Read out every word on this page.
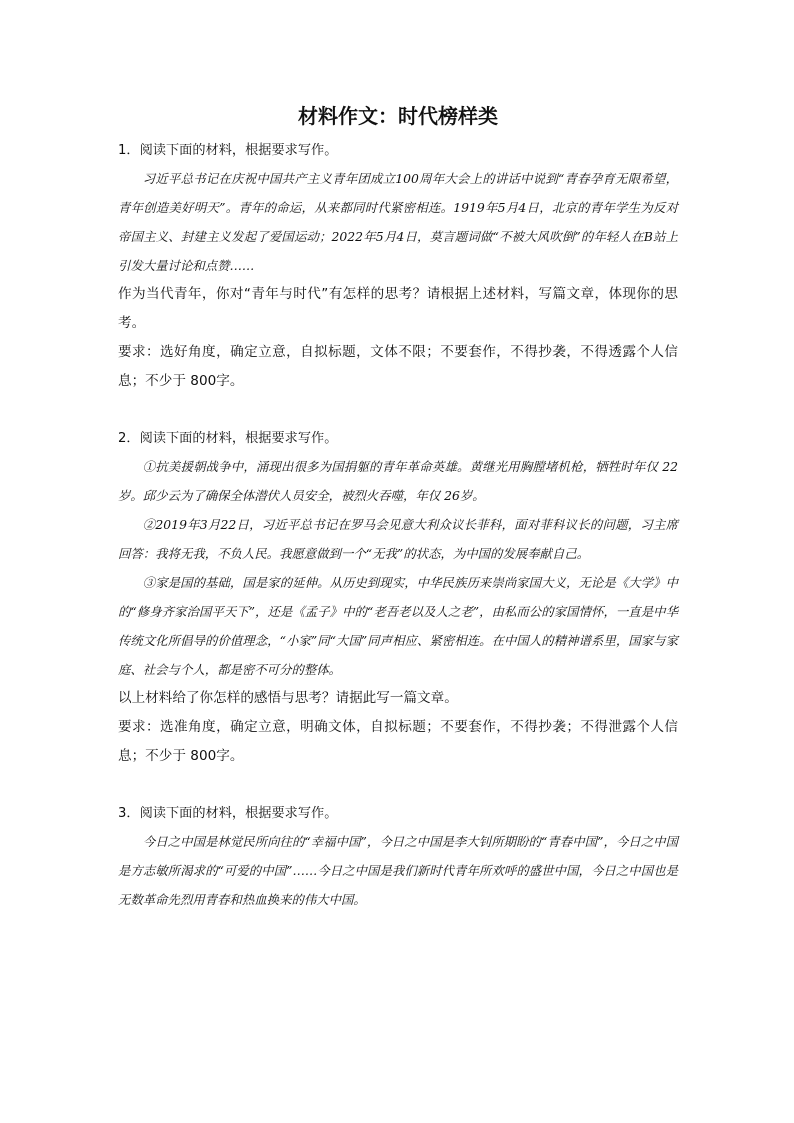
材料作文：时代榜样类

1．阅读下面的材料，根据要求写作。

习近平总书记在庆祝中国共产主义青年团成立100周年大会上的讲话中说到“青春孕育无限希望，青年创造美好明天”。青年的命运，从来都同时代紧密相连。1919年5月4日，北京的青年学生为反对帝国主义、封建主义发起了爱国运动；2022年5月4日，莫言题词做“不被大风吹倒”的年轻人在B站上引发大量讨论和点赞……

作为当代青年，你对“青年与时代”有怎样的思考？请根据上述材料，写篇文章，体现你的思考。

要求：选好角度，确定立意，自拟标题，文体不限；不要套作，不得抄袭，不得透露个人信息；不少于 800字。

2．阅读下面的材料，根据要求写作。

①抗美援朝战争中，涌现出很多为国捐躯的青年革命英雄。黄继光用胸膛堵机枪，牺牲时年仅 22岁。邱少云为了确保全体潜伏人员安全，被烈火吞噬，年仅 26岁。

②2019年3月22日，习近平总书记在罗马会见意大利众议长菲科，面对菲科议长的问题，习主席回答：我将无我，不负人民。我愿意做到一个“无我”的状态，为中国的发展奉献自己。

③家是国的基础，国是家的延伸。从历史到现实，中华民族历来崇尚家国大义，无论是《大学》中的“修身齐家治国平天下”，还是《孟子》中的“老吾老以及人之老”，由私而公的家国情怀，一直是中华传统文化所倡导的价值理念，“小家”同“大国”同声相应、紧密相连。在中国人的精神谱系里，国家与家庭、社会与个人，都是密不可分的整体。

以上材料给了你怎样的感悟与思考？请据此写一篇文章。

要求：选准角度，确定立意，明确文体，自拟标题；不要套作，不得抄袭；不得泄露个人信息；不少于 800字。

3．阅读下面的材料，根据要求写作。

今日之中国是林觉民所向往的“幸福中国”，今日之中国是李大钊所期盼的“青春中国”，今日之中国是方志敏所渴求的“可爱的中国”……今日之中国是我们新时代青年所欢呼的盛世中国，今日之中国也是无数革命先烈用青春和热血换来的伟大中国。
